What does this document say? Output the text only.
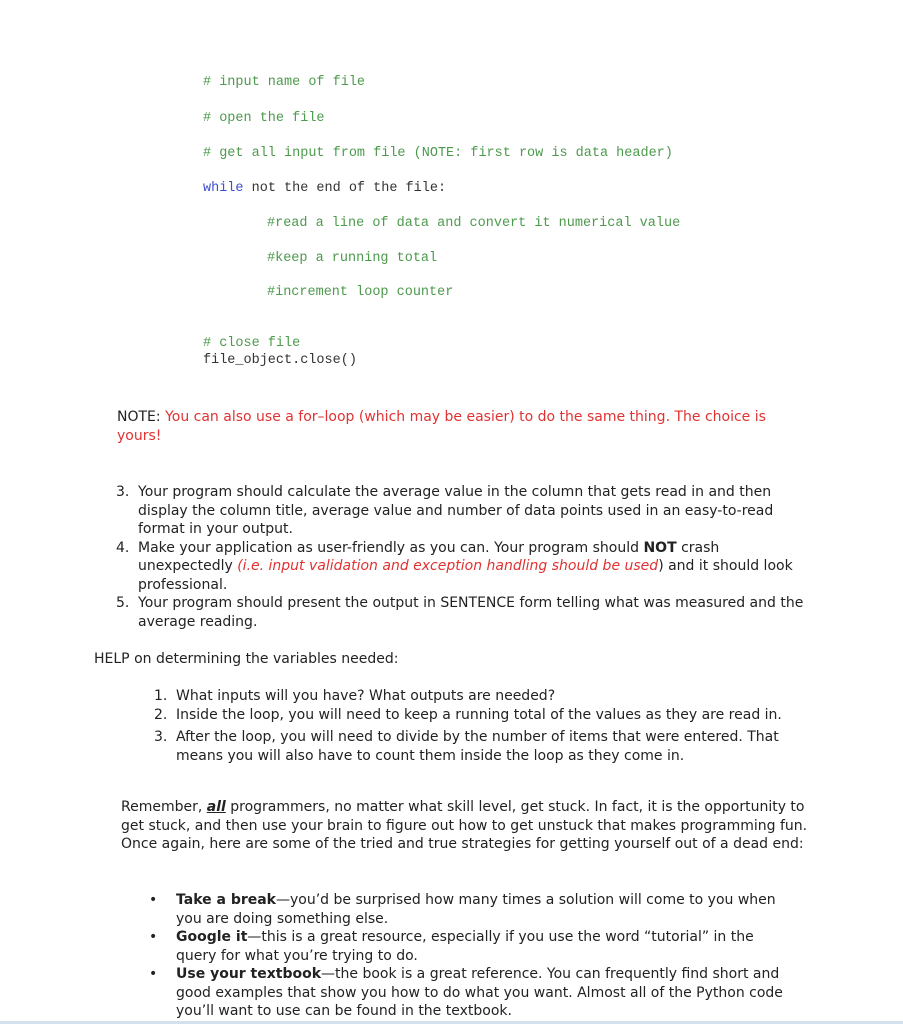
# input name of file
# open the file
# get all input from file (NOTE: first row is data header)
while not the end of the file:
#read a line of data and convert it numerical value
#keep a running total
#increment loop counter
# close file
file_object.close()
NOTE: You can also use a for–loop (which may be easier) to do the same thing. The choice is yours!
3. Your program should calculate the average value in the column that gets read in and then display the column title, average value and number of data points used in an easy-to-read format in your output.
4. Make your application as user-friendly as you can. Your program should NOT crash unexpectedly (i.e. input validation and exception handling should be used) and it should look professional.
5. Your program should present the output in SENTENCE form telling what was measured and the average reading.
HELP on determining the variables needed:
1. What inputs will you have? What outputs are needed?
2. Inside the loop, you will need to keep a running total of the values as they are read in.
3. After the loop, you will need to divide by the number of items that were entered. That means you will also have to count them inside the loop as they come in.
Remember, all programmers, no matter what skill level, get stuck. In fact, it is the opportunity to get stuck, and then use your brain to figure out how to get unstuck that makes programming fun. Once again, here are some of the tried and true strategies for getting yourself out of a dead end:
• Take a break—you’d be surprised how many times a solution will come to you when you are doing something else.
• Google it—this is a great resource, especially if you use the word “tutorial” in the query for what you’re trying to do.
• Use your textbook—the book is a great reference. You can frequently find short and good examples that show you how to do what you want. Almost all of the Python code you’ll want to use can be found in the textbook.
